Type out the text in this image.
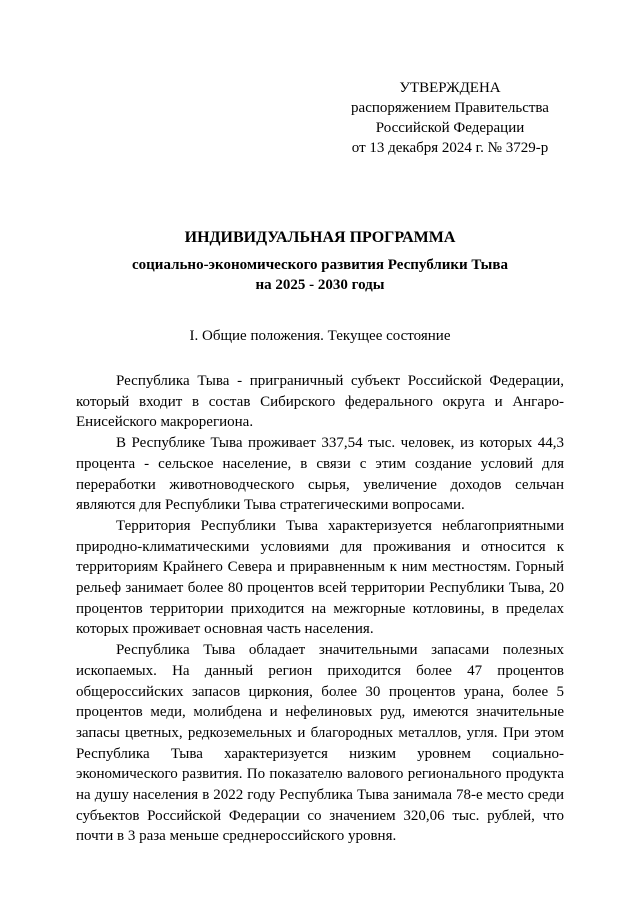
УТВЕРЖДЕНА
распоряжением Правительства
Российской Федерации
от 13 декабря 2024 г. № 3729-р
ИНДИВИДУАЛЬНАЯ ПРОГРАММА
социально-экономического развития Республики Тыва
на 2025 - 2030 годы
I. Общие положения. Текущее состояние

Республика Тыва - приграничный субъект Российской Федерации, который входит в состав Сибирского федерального округа и Ангаро-Енисейского макрорегиона.

В Республике Тыва проживает 337,54 тыс. человек, из которых 44,3 процента - сельское население, в связи с этим создание условий для переработки животноводческого сырья, увеличение доходов сельчан являются для Республики Тыва стратегическими вопросами.

Территория Республики Тыва характеризуется неблагоприятными природно-климатическими условиями для проживания и относится к территориям Крайнего Севера и приравненным к ним местностям. Горный рельеф занимает более 80 процентов всей территории Республики Тыва, 20 процентов территории приходится на межгорные котловины, в пределах которых проживает основная часть населения.

Республика Тыва обладает значительными запасами полезных ископаемых. На данный регион приходится более 47 процентов общероссийских запасов циркония, более 30 процентов урана, более 5 процентов меди, молибдена и нефелиновых руд, имеются значительные запасы цветных, редкоземельных и благородных металлов, угля. При этом Республика Тыва характеризуется низким уровнем социально-экономического развития. По показателю валового регионального продукта на душу населения в 2022 году Республика Тыва занимала 78-е место среди субъектов Российской Федерации со значением 320,06 тыс. рублей, что почти в 3 раза меньше среднероссийского уровня.
